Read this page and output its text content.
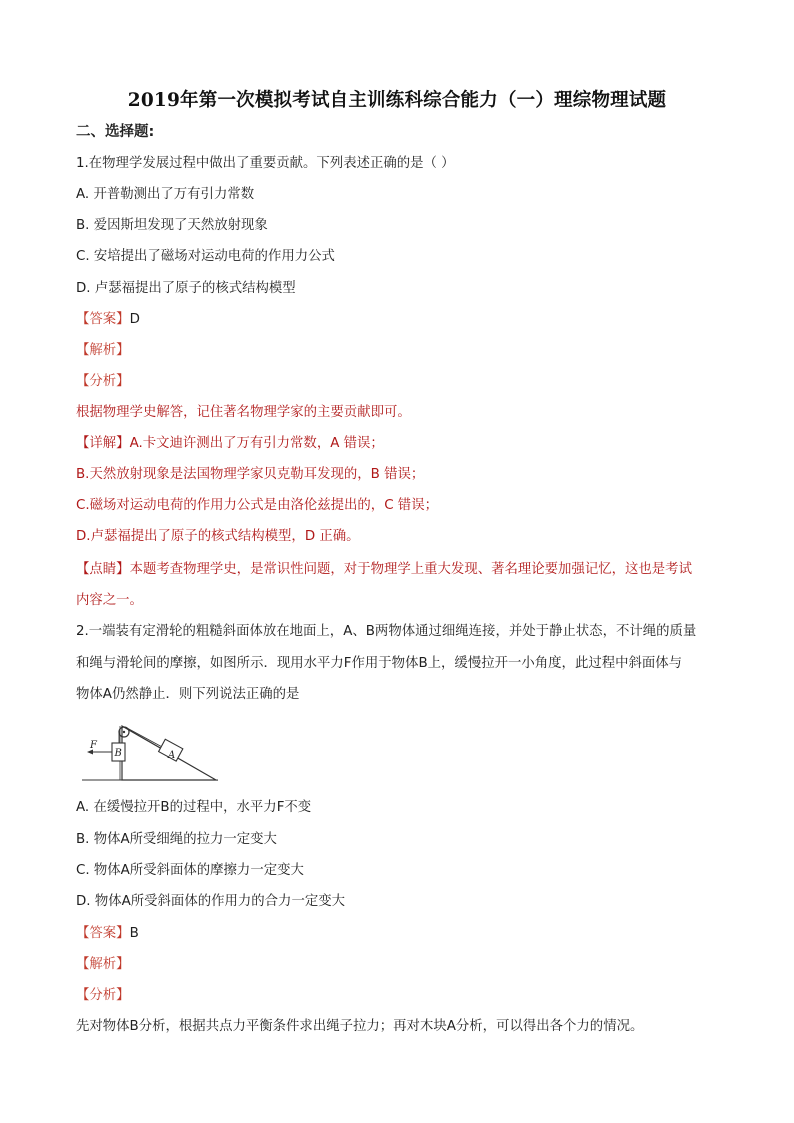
2019年第一次模拟考试自主训练科综合能力（一）理综物理试题
二、选择题:
1.在物理学发展过程中做出了重要贡献。下列表述正确的是（ ）
A. 开普勒测出了万有引力常数
B. 爱因斯坦发现了天然放射现象
C. 安培提出了磁场对运动电荷的作用力公式
D. 卢瑟福提出了原子的核式结构模型
【答案】D
【解析】
【分析】
根据物理学史解答，记住著名物理学家的主要贡献即可。
【详解】A.卡文迪许测出了万有引力常数，A 错误；
B.天然放射现象是法国物理学家贝克勒耳发现的，B 错误；
C.磁场对运动电荷的作用力公式是由洛伦兹提出的，C 错误；
D.卢瑟福提出了原子的核式结构模型，D 正确。
【点睛】本题考查物理学史，是常识性问题，对于物理学上重大发现、著名理论要加强记忆，这也是考试
内容之一。
2.一端装有定滑轮的粗糙斜面体放在地面上，A、B两物体通过细绳连接，并处于静止状态，不计绳的质量
和绳与滑轮间的摩擦，如图所示．现用水平力F作用于物体B上，缓慢拉开一小角度，此过程中斜面体与
物体A仍然静止．则下列说法正确的是
A
B
F
A. 在缓慢拉开B的过程中，水平力F不变
B. 物体A所受细绳的拉力一定变大
C. 物体A所受斜面体的摩擦力一定变大
D. 物体A所受斜面体的作用力的合力一定变大
【答案】B
【解析】
【分析】
先对物体B分析，根据共点力平衡条件求出绳子拉力；再对木块A分析，可以得出各个力的情况。
